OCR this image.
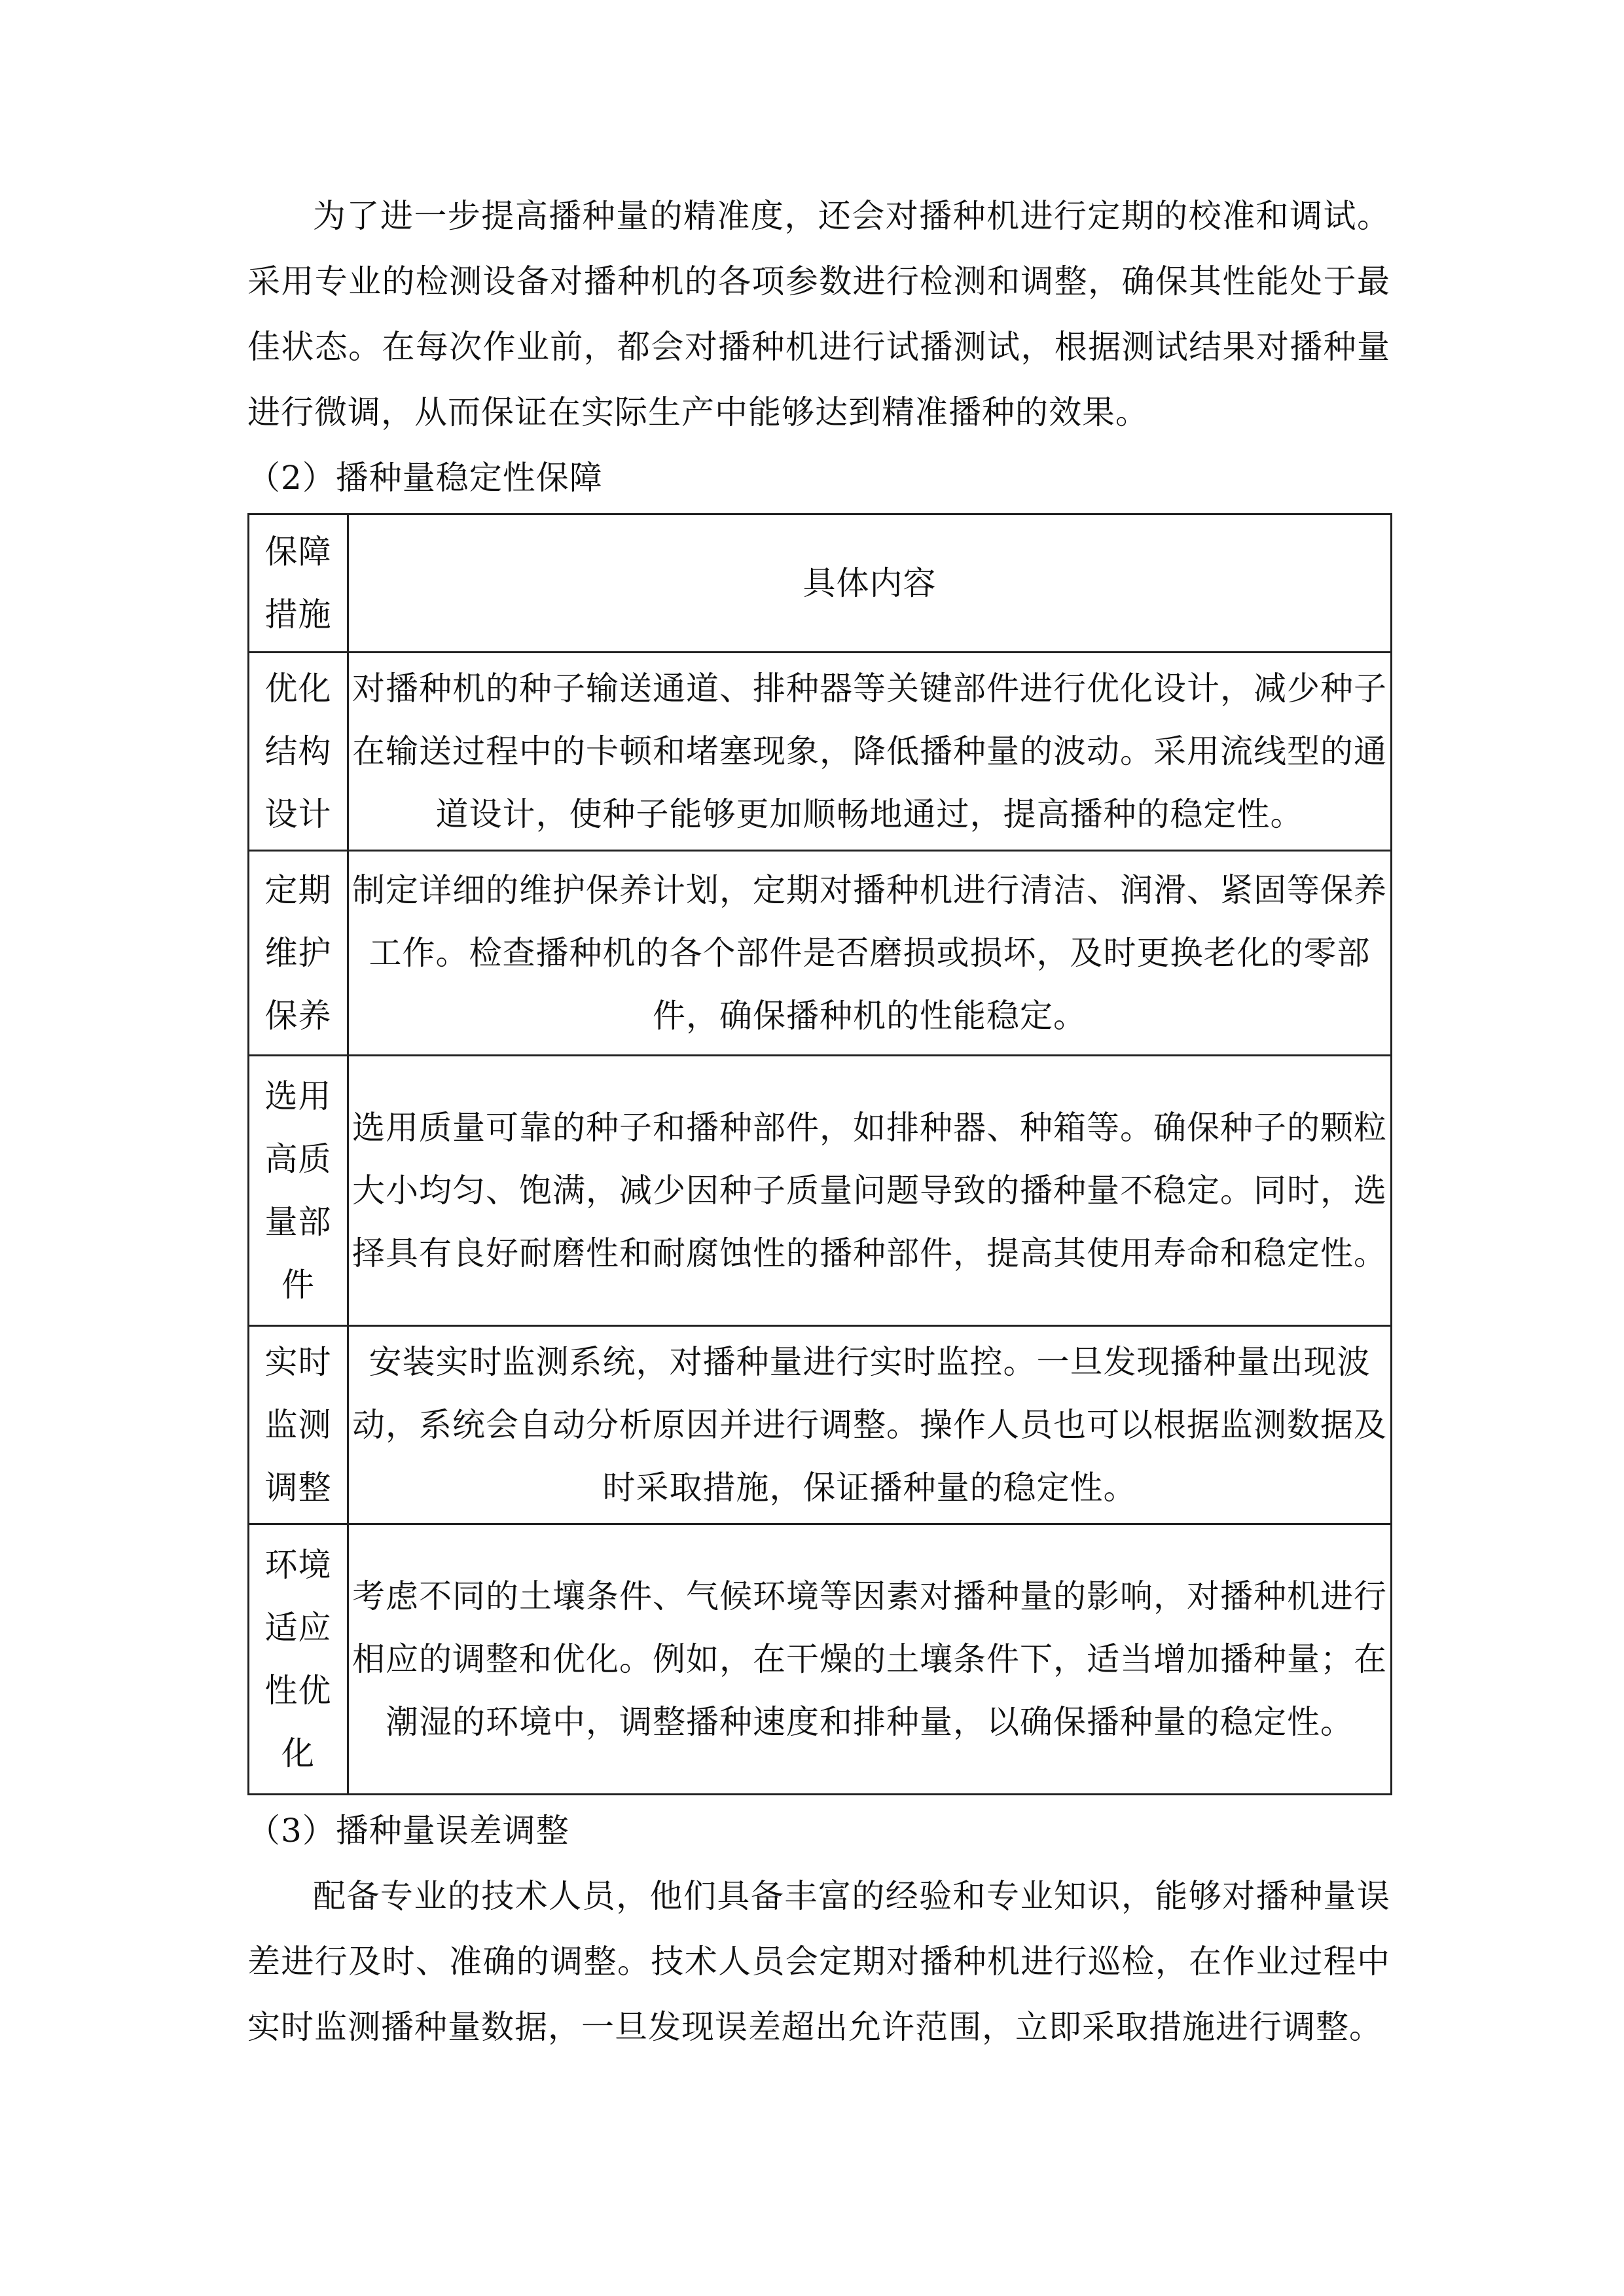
为了进一步提高播种量的精准度，还会对播种机进行定期的校准和调试。采用专业的检测设备对播种机的各项参数进行检测和调整，确保其性能处于最佳状态。在每次作业前，都会对播种机进行试播测试，根据测试结果对播种量进行微调，从而保证在实际生产中能够达到精准播种的效果。

（2）播种量稳定性保障

保障措施	具体内容
优化结构设计	对播种机的种子输送通道、排种器等关键部件进行优化设计，减少种子在输送过程中的卡顿和堵塞现象，降低播种量的波动。采用流线型的通道设计，使种子能够更加顺畅地通过，提高播种的稳定性。
定期维护保养	制定详细的维护保养计划，定期对播种机进行清洁、润滑、紧固等保养工作。检查播种机的各个部件是否磨损或损坏，及时更换老化的零部件，确保播种机的性能稳定。
选用高质量部件	选用质量可靠的种子和播种部件，如排种器、种箱等。确保种子的颗粒大小均匀、饱满，减少因种子质量问题导致的播种量不稳定。同时，选择具有良好耐磨性和耐腐蚀性的播种部件，提高其使用寿命和稳定性。
实时监测调整	安装实时监测系统，对播种量进行实时监控。一旦发现播种量出现波动，系统会自动分析原因并进行调整。操作人员也可以根据监测数据及时采取措施，保证播种量的稳定性。
环境适应性优化	考虑不同的土壤条件、气候环境等因素对播种量的影响，对播种机进行相应的调整和优化。例如，在干燥的土壤条件下，适当增加播种量；在潮湿的环境中，调整播种速度和排种量，以确保播种量的稳定性。

（3）播种量误差调整

配备专业的技术人员，他们具备丰富的经验和专业知识，能够对播种量误差进行及时、准确的调整。技术人员会定期对播种机进行巡检，在作业过程中实时监测播种量数据，一旦发现误差超出允许范围，立即采取措施进行调整。
